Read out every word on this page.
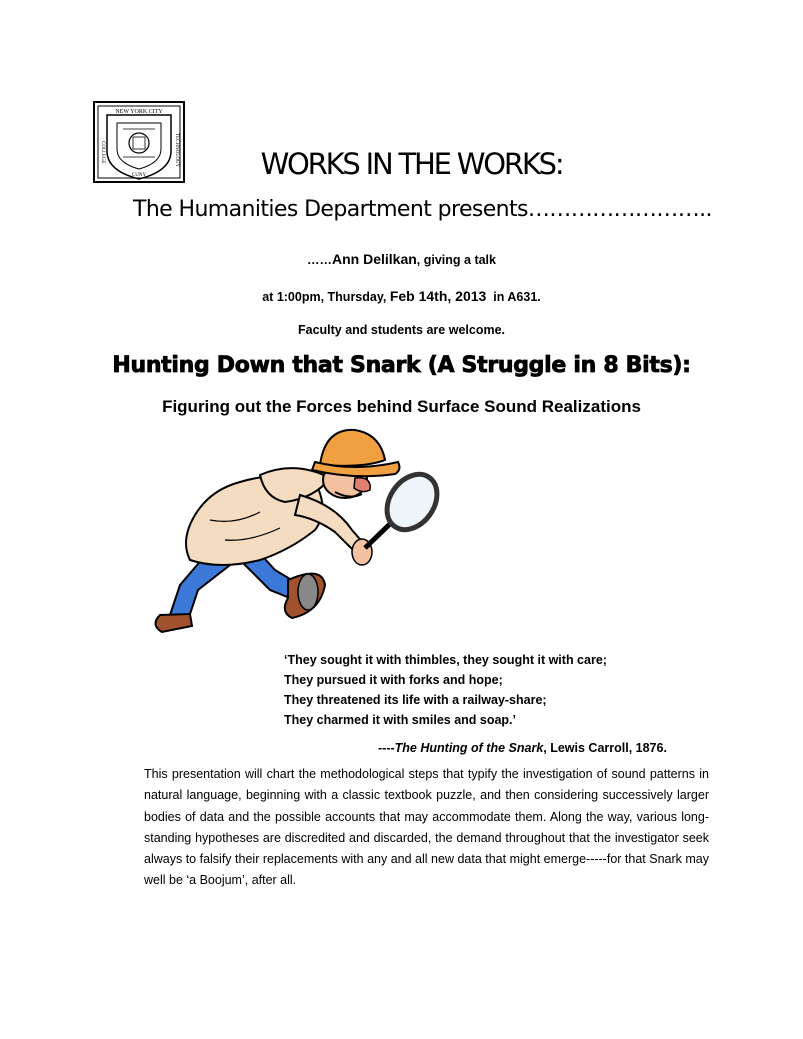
NEW YORK CITY
COLLEGE	TECHNOLOGY
CUNY	WORKS IN THE WORKS:
The Humanities Department presents……………………..
……Ann Delilkan, giving a talk
at 1:00pm, Thursday, Feb 14th, 2013  in A631.
Faculty and students are welcome.
Hunting Down that Snark (A Struggle in 8 Bits):
Figuring out the Forces behind Surface Sound Realizations
‘They sought it with thimbles, they sought it with care;
They pursued it with forks and hope;
They threatened its life with a railway-share;
They charmed it with smiles and soap.’
----The Hunting of the Snark, Lewis Carroll, 1876.
This presentation will chart the methodological steps that typify the investigation of sound patterns in natural language, beginning with a classic textbook puzzle, and then considering successively larger bodies of data and the possible accounts that may accommodate them. Along the way, various long-standing hypotheses are discredited and discarded, the demand throughout that the investigator seek always to falsify their replacements with any and all new data that might emerge-----for that Snark may well be ‘a Boojum’, after all.
